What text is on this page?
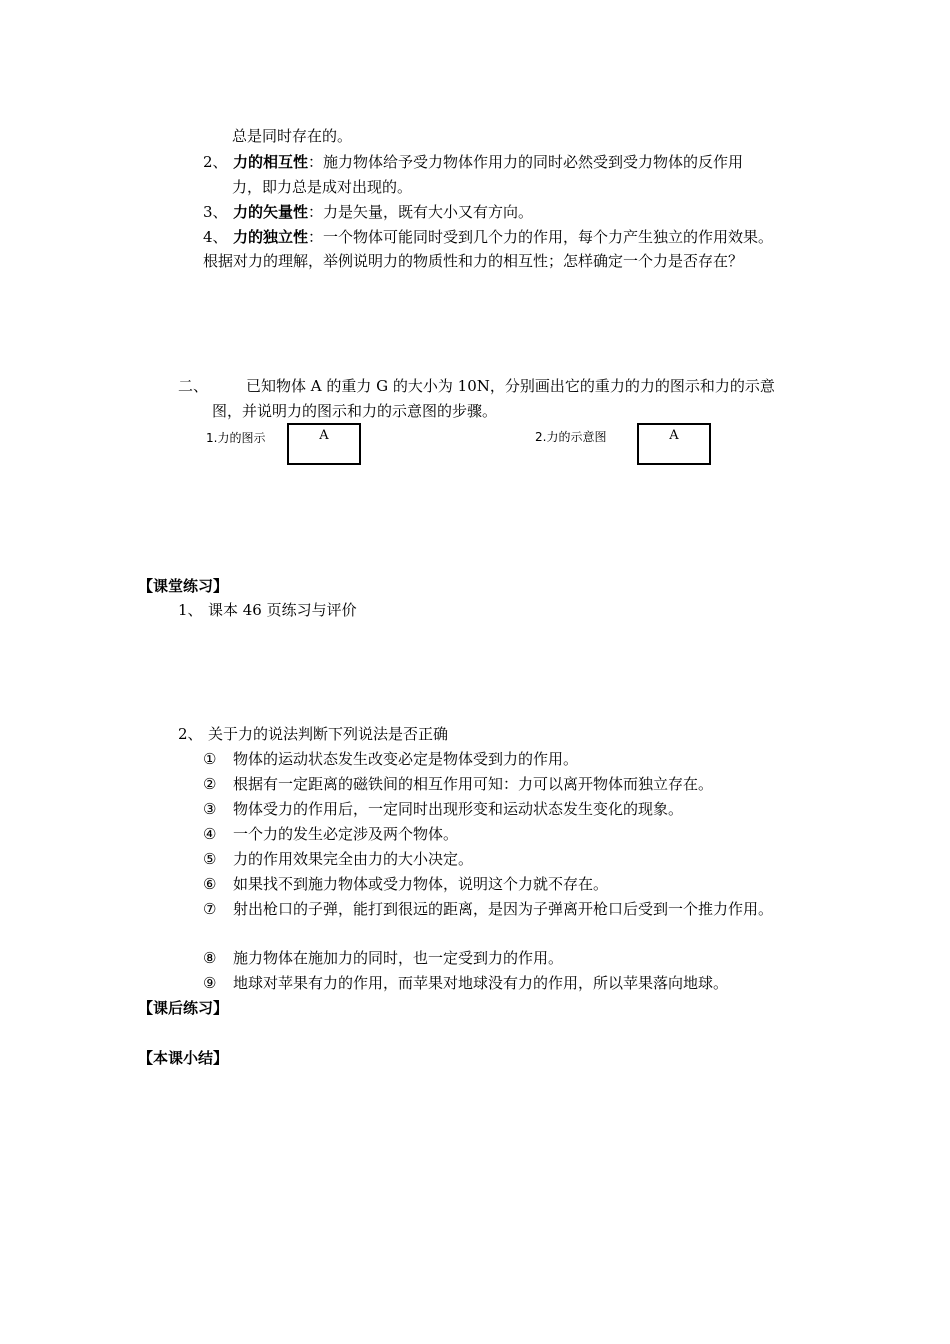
总是同时存在的。
2、 力的相互性：施力物体给予受力物体作用力的同时必然受到受力物体的反作用
力，即力总是成对出现的。
3、 力的矢量性：力是矢量，既有大小又有方向。
4、 力的独立性：一个物体可能同时受到几个力的作用，每个力产生独立的作用效果。
根据对力的理解，举例说明力的物质性和力的相互性；怎样确定一个力是否存在？
二、	已知物体 A 的重力 G 的大小为 10N，分别画出它的重力的力的图示和力的示意
图，并说明力的图示和力的示意图的步骤。
1.力的图示	A	2.力的示意图	A
【课堂练习】
1、 课本 46 页练习与评价
2、 关于力的说法判断下列说法是否正确
① 物体的运动状态发生改变必定是物体受到力的作用。
② 根据有一定距离的磁铁间的相互作用可知：力可以离开物体而独立存在。
③ 物体受力的作用后，一定同时出现形变和运动状态发生变化的现象。
④ 一个力的发生必定涉及两个物体。
⑤ 力的作用效果完全由力的大小决定。
⑥ 如果找不到施力物体或受力物体，说明这个力就不存在。
⑦ 射出枪口的子弹，能打到很远的距离，是因为子弹离开枪口后受到一个推力作用。
⑧ 施力物体在施加力的同时，也一定受到力的作用。
⑨ 地球对苹果有力的作用，而苹果对地球没有力的作用，所以苹果落向地球。
【课后练习】
【本课小结】
